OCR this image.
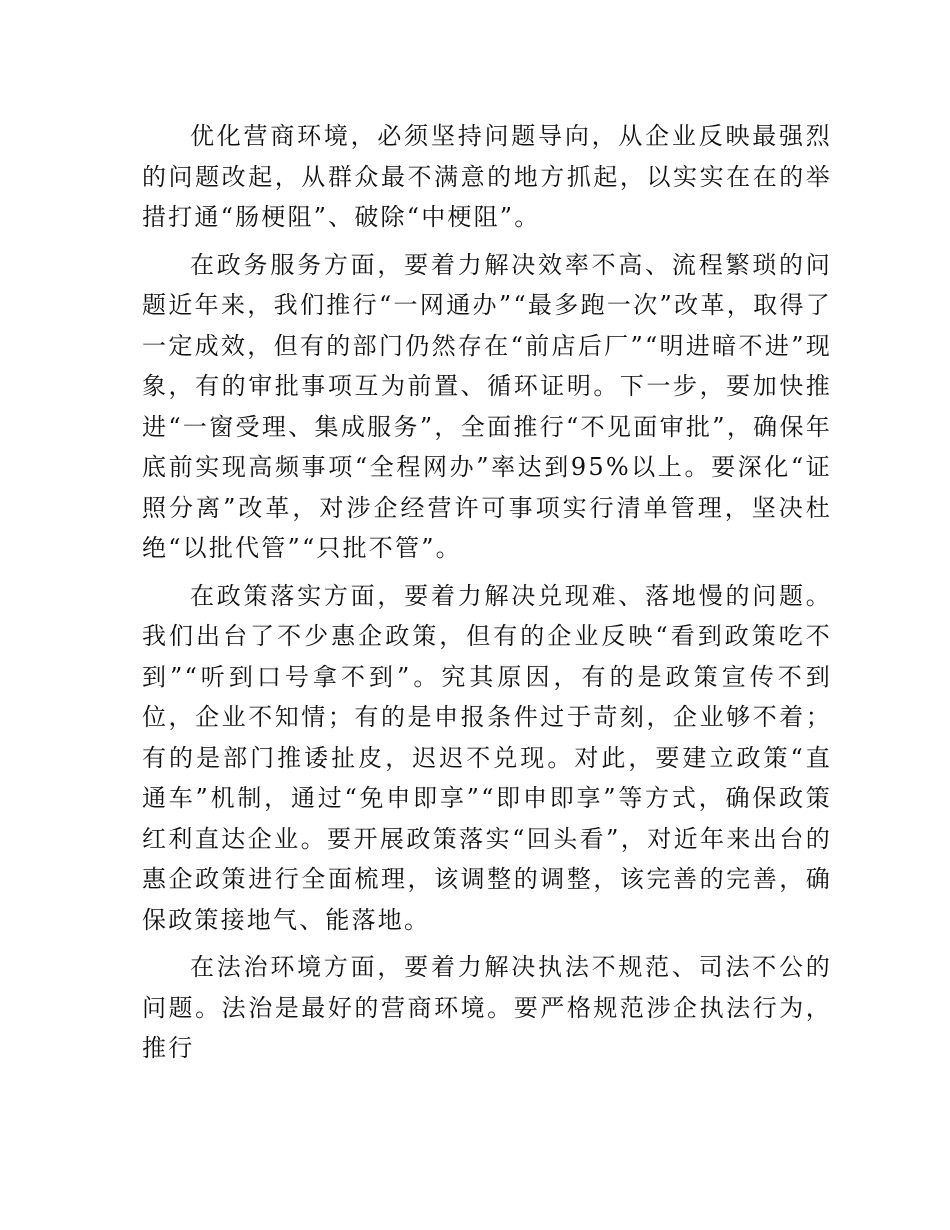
优化营商环境，必须坚持问题导向，从企业反映最强烈的问题改起，从群众最不满意的地方抓起，以实实在在的举措打通“肠梗阻”、破除“中梗阻”。

在政务服务方面，要着力解决效率不高、流程繁琐的问题近年来，我们推行“一网通办”“最多跑一次”改革，取得了一定成效，但有的部门仍然存在“前店后厂”“明进暗不进”现象，有的审批事项互为前置、循环证明。下一步，要加快推进“一窗受理、集成服务”，全面推行“不见面审批”，确保年底前实现高频事项“全程网办”率达到95%以上。要深化“证照分离”改革，对涉企经营许可事项实行清单管理，坚决杜绝“以批代管”“只批不管”。

在政策落实方面，要着力解决兑现难、落地慢的问题。我们出台了不少惠企政策，但有的企业反映“看到政策吃不到”“听到口号拿不到”。究其原因，有的是政策宣传不到位，企业不知情；有的是申报条件过于苛刻，企业够不着；有的是部门推诿扯皮，迟迟不兑现。对此，要建立政策“直通车”机制，通过“免申即享”“即申即享”等方式，确保政策红利直达企业。要开展政策落实“回头看”，对近年来出台的惠企政策进行全面梳理，该调整的调整，该完善的完善，确保政策接地气、能落地。

在法治环境方面，要着力解决执法不规范、司法不公的问题。法治是最好的营商环境。要严格规范涉企执法行为，推行
